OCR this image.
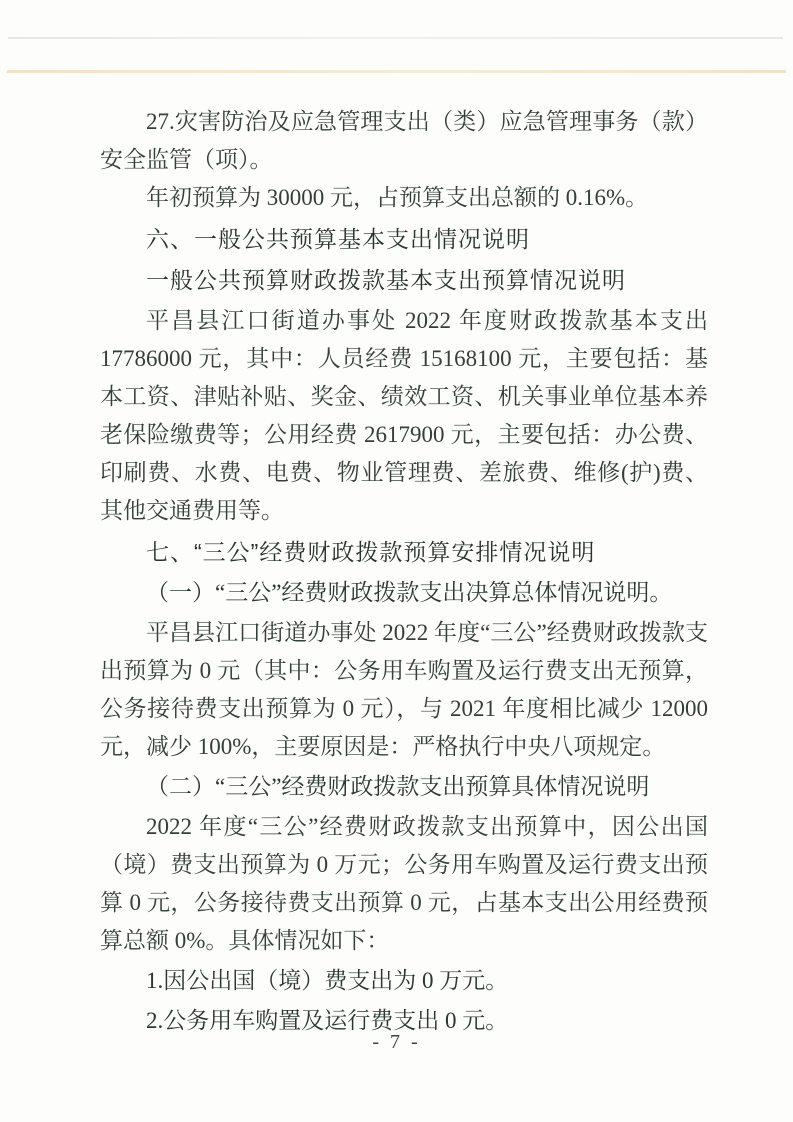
27.灾害防治及应急管理支出（类）应急管理事务（款）安全监管（项）。

年初预算为 30000 元，占预算支出总额的 0.16%。

六、一般公共预算基本支出情况说明
一般公共预算财政拨款基本支出预算情况说明

平昌县江口街道办事处 2022 年度财政拨款基本支出 17786000 元，其中：人员经费 15168100 元，主要包括：基本工资、津贴补贴、奖金、绩效工资、机关事业单位基本养老保险缴费等；公用经费 2617900 元，主要包括：办公费、印刷费、水费、电费、物业管理费、差旅费、维修(护)费、其他交通费用等。

七、“三公”经费财政拨款预算安排情况说明
（一）“三公”经费财政拨款支出决算总体情况说明。

平昌县江口街道办事处 2022 年度“三公”经费财政拨款支出预算为 0 元（其中：公务用车购置及运行费支出无预算，公务接待费支出预算为 0 元），与 2021 年度相比减少 12000 元，减少 100%，主要原因是：严格执行中央八项规定。

（二）“三公”经费财政拨款支出预算具体情况说明

2022 年度“三公”经费财政拨款支出预算中，因公出国（境）费支出预算为 0 万元；公务用车购置及运行费支出预算 0 元，公务接待费支出预算 0 元，占基本支出公用经费预算总额 0%。具体情况如下：

1.因公出国（境）费支出为 0 万元。

2.公务用车购置及运行费支出 0 元。

- 7 -
